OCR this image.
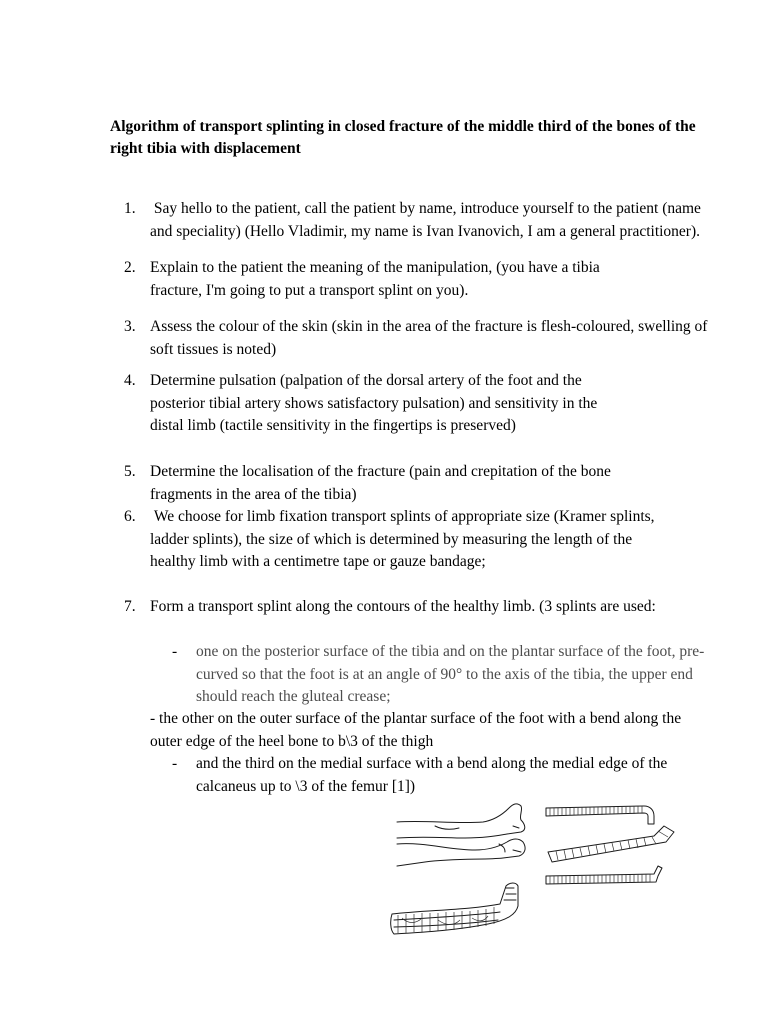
Algorithm of transport splinting in closed fracture of the middle third of the bones of the right tibia with displacement
1. Say hello to the patient, call the patient by name, introduce yourself to the patient (name and speciality) (Hello Vladimir, my name is Ivan Ivanovich, I am a general practitioner).
2. Explain to the patient the meaning of the manipulation, (you have a tibia fracture, I'm going to put a transport splint on you).
3. Assess the colour of the skin (skin in the area of the fracture is flesh-coloured, swelling of soft tissues is noted)
4. Determine pulsation (palpation of the dorsal artery of the foot and the posterior tibial artery shows satisfactory pulsation) and sensitivity in the distal limb (tactile sensitivity in the fingertips is preserved)
5. Determine the localisation of the fracture (pain and crepitation of the bone fragments in the area of the tibia)
6. We choose for limb fixation transport splints of appropriate size (Kramer splints, ladder splints), the size of which is determined by measuring the length of the healthy limb with a centimetre tape or gauze bandage;
7. Form a transport splint along the contours of the healthy limb. (3 splints are used:
- one on the posterior surface of the tibia and on the plantar surface of the foot, pre-curved so that the foot is at an angle of 90° to the axis of the tibia, the upper end should reach the gluteal crease;
- the other on the outer surface of the plantar surface of the foot with a bend along the outer edge of the heel bone to b\3 of the thigh
- and the third on the medial surface with a bend along the medial edge of the calcaneus up to \3 of the femur [1])
